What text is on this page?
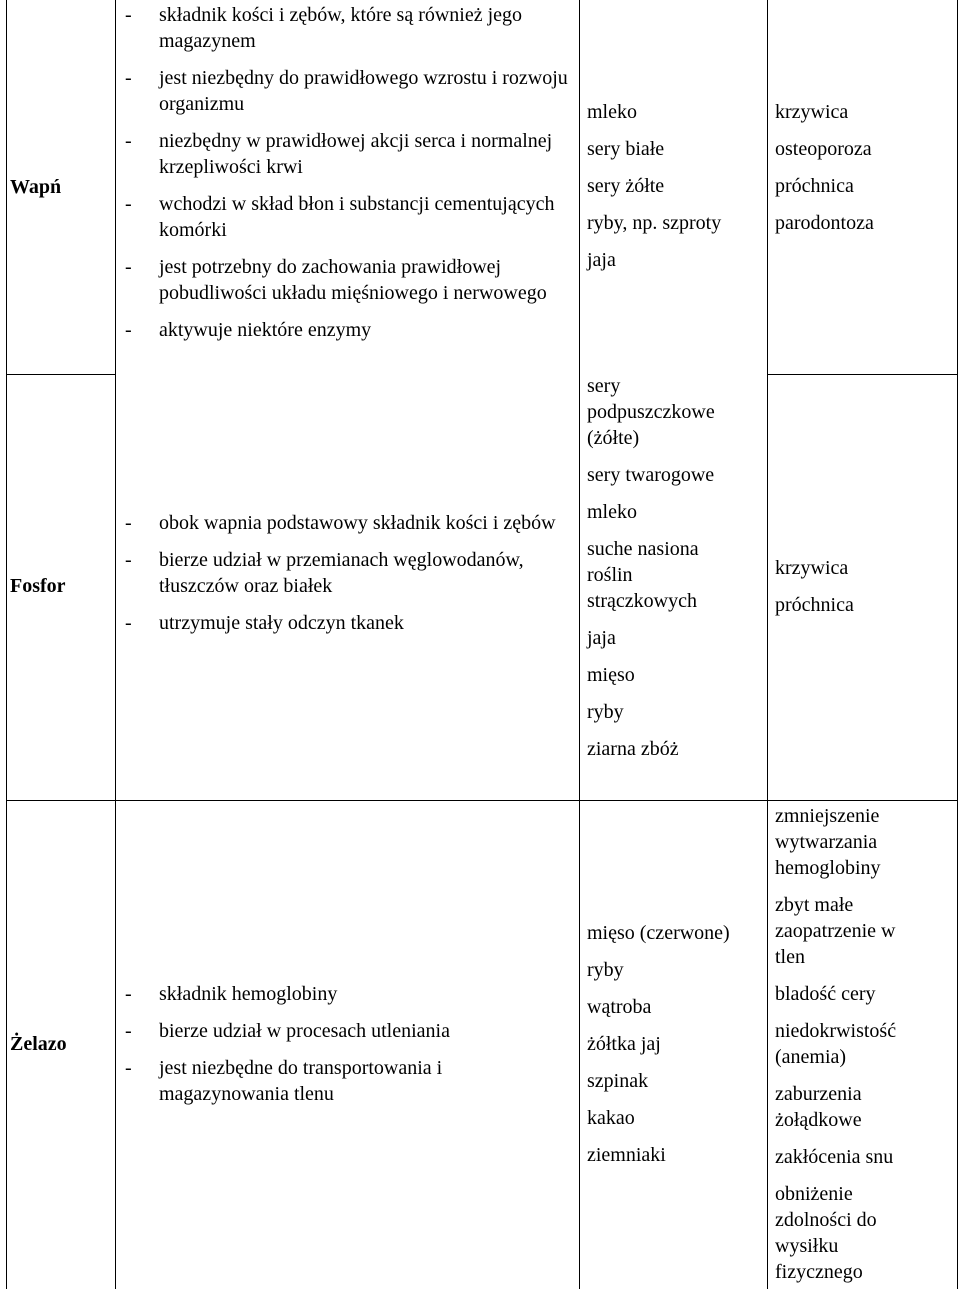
Wapń
- składnik kości i zębów, które są również jego magazynem
- jest niezbędny do prawidłowego wzrostu i rozwoju organizmu
- niezbędny w prawidłowej akcji serca i normalnej krzepliwości krwi
- wchodzi w skład błon i substancji cementujących komórki
- jest potrzebny do zachowania prawidłowej pobudliwości układu mięśniowego i nerwowego
- aktywuje niektóre enzymy
mleko
sery białe
sery żółte
ryby, np. szproty
jaja
krzywica
osteoporoza
próchnica
parodontoza
Fosfor
- obok wapnia podstawowy składnik kości i zębów
- bierze udział w przemianach węglowodanów, tłuszczów oraz białek
- utrzymuje stały odczyn tkanek
sery podpuszczkowe (żółte)
sery twarogowe
mleko
suche nasiona roślin strączkowych
jaja
mięso
ryby
ziarna zbóż
krzywica
próchnica
Żelazo
- składnik hemoglobiny
- bierze udział w procesach utleniania
- jest niezbędne do transportowania i magazynowania tlenu
mięso (czerwone)
ryby
wątroba
żółtka jaj
szpinak
kakao
ziemniaki
zmniejszenie wytwarzania hemoglobiny
zbyt małe zaopatrzenie w tlen
bladość cery
niedokrwistość (anemia)
zaburzenia żołądkowe
zakłócenia snu
obniżenie zdolności do wysiłku fizycznego
